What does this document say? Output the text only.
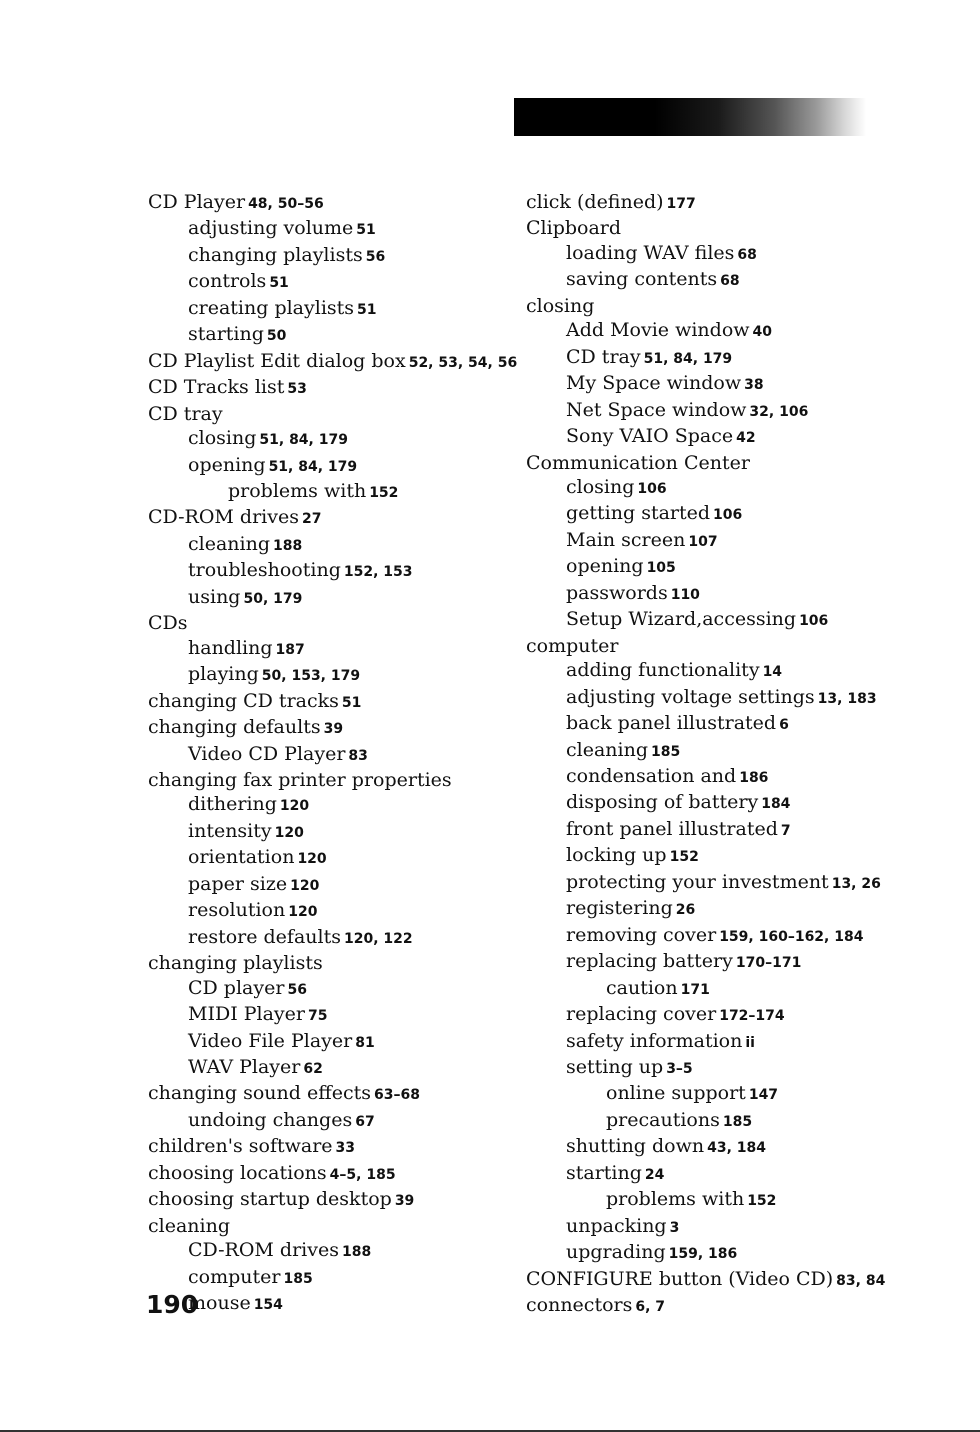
CD Player 48, 50–56
adjusting volume 51
changing playlists 56
controls 51
creating playlists 51
starting 50
CD Playlist Edit dialog box 52, 53, 54, 56
CD Tracks list 53
CD tray
closing 51, 84, 179
opening 51, 84, 179
problems with 152
CD-ROM drives 27
cleaning 188
troubleshooting 152, 153
using 50, 179
CDs
handling 187
playing 50, 153, 179
changing CD tracks 51
changing defaults 39
Video CD Player 83
changing fax printer properties
dithering 120
intensity 120
orientation 120
paper size 120
resolution 120
restore defaults 120, 122
changing playlists
CD player 56
MIDI Player 75
Video File Player 81
WAV Player 62
changing sound effects 63–68
undoing changes 67
children's software 33
choosing locations 4–5, 185
choosing startup desktop 39
cleaning
CD-ROM drives 188
computer 185
mouse 154
click (defined) 177
Clipboard
loading WAV files 68
saving contents 68
closing
Add Movie window 40
CD tray 51, 84, 179
My Space window 38
Net Space window 32, 106
Sony VAIO Space 42
Communication Center
closing 106
getting started 106
Main screen 107
opening 105
passwords 110
Setup Wizard,accessing 106
computer
adding functionality 14
adjusting voltage settings 13, 183
back panel illustrated 6
cleaning 185
condensation and 186
disposing of battery 184
front panel illustrated 7
locking up 152
protecting your investment 13, 26
registering 26
removing cover 159, 160–162, 184
replacing battery 170–171
caution 171
replacing cover 172–174
safety information ii
setting up 3–5
online support 147
precautions 185
shutting down 43, 184
starting 24
problems with 152
unpacking 3
upgrading 159, 186
CONFIGURE button (Video CD) 83, 84
connectors 6, 7
190
